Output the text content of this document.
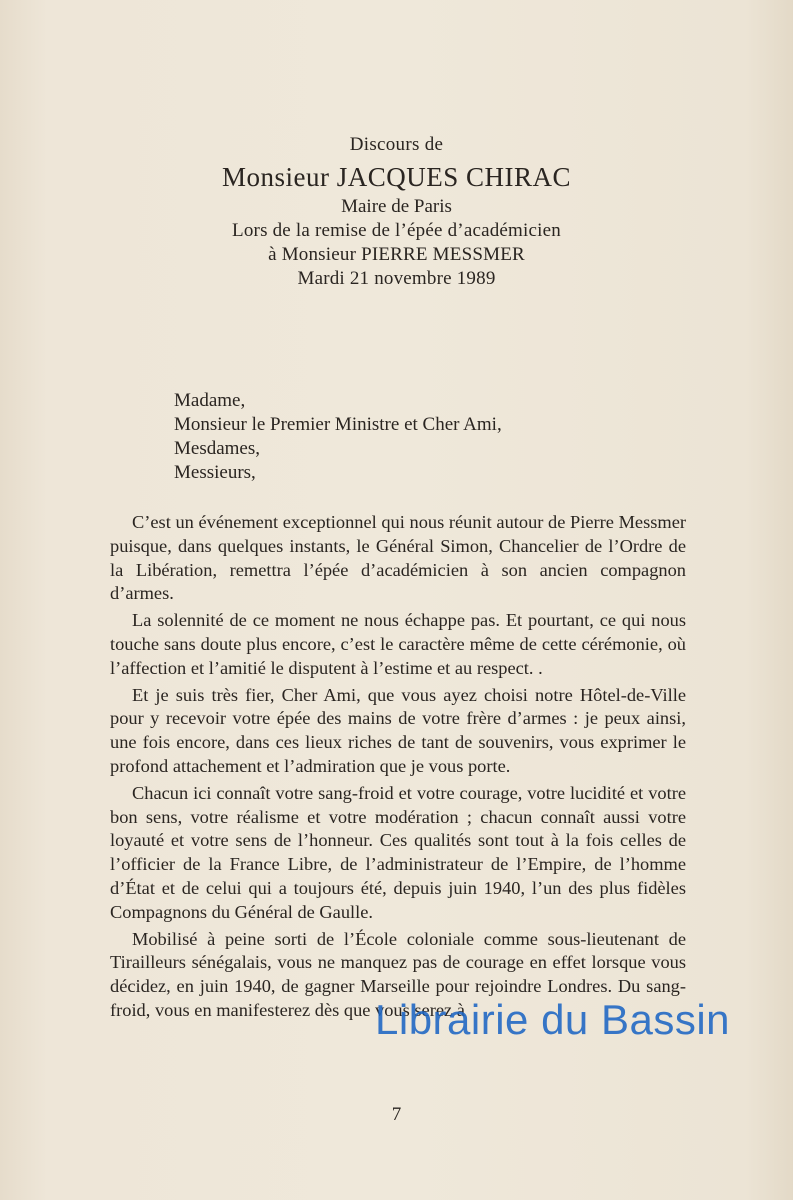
Discours de
Monsieur JACQUES CHIRAC
Maire de Paris
Lors de la remise de l’épée d’académicien
à Monsieur PIERRE MESSMER
Mardi 21 novembre 1989
Madame,
Monsieur le Premier Ministre et Cher Ami,
Mesdames,
Messieurs,

C’est un événement exceptionnel qui nous réunit autour de Pierre Messmer puisque, dans quelques instants, le Général Simon, Chancelier de l’Ordre de la Libération, remettra l’épée d’académicien à son ancien compagnon d’armes.

La solennité de ce moment ne nous échappe pas. Et pourtant, ce qui nous touche sans doute plus encore, c’est le caractère même de cette cérémonie, où l’affection et l’amitié le disputent à l’estime et au respect. .

Et je suis très fier, Cher Ami, que vous ayez choisi notre Hôtel-de-Ville pour y recevoir votre épée des mains de votre frère d’armes : je peux ainsi, une fois encore, dans ces lieux riches de tant de souvenirs, vous exprimer le profond attachement et l’admiration que je vous porte.

Chacun ici connaît votre sang-froid et votre courage, votre lucidité et votre bon sens, votre réalisme et votre modération ; chacun connaît aussi votre loyauté et votre sens de l’honneur. Ces qualités sont tout à la fois celles de l’officier de la France Libre, de l’administrateur de l’Empire, de l’homme d’État et de celui qui a toujours été, depuis juin 1940, l’un des plus fidèles Compagnons du Général de Gaulle.

Mobilisé à peine sorti de l’École coloniale comme sous-lieutenant de Tirailleurs sénégalais, vous ne manquez pas de courage en effet lorsque vous décidez, en juin 1940, de gagner Marseille pour rejoindre Londres. Du sang-froid, vous en manifesterez dès que vous serez à

7
Librairie du Bassin
